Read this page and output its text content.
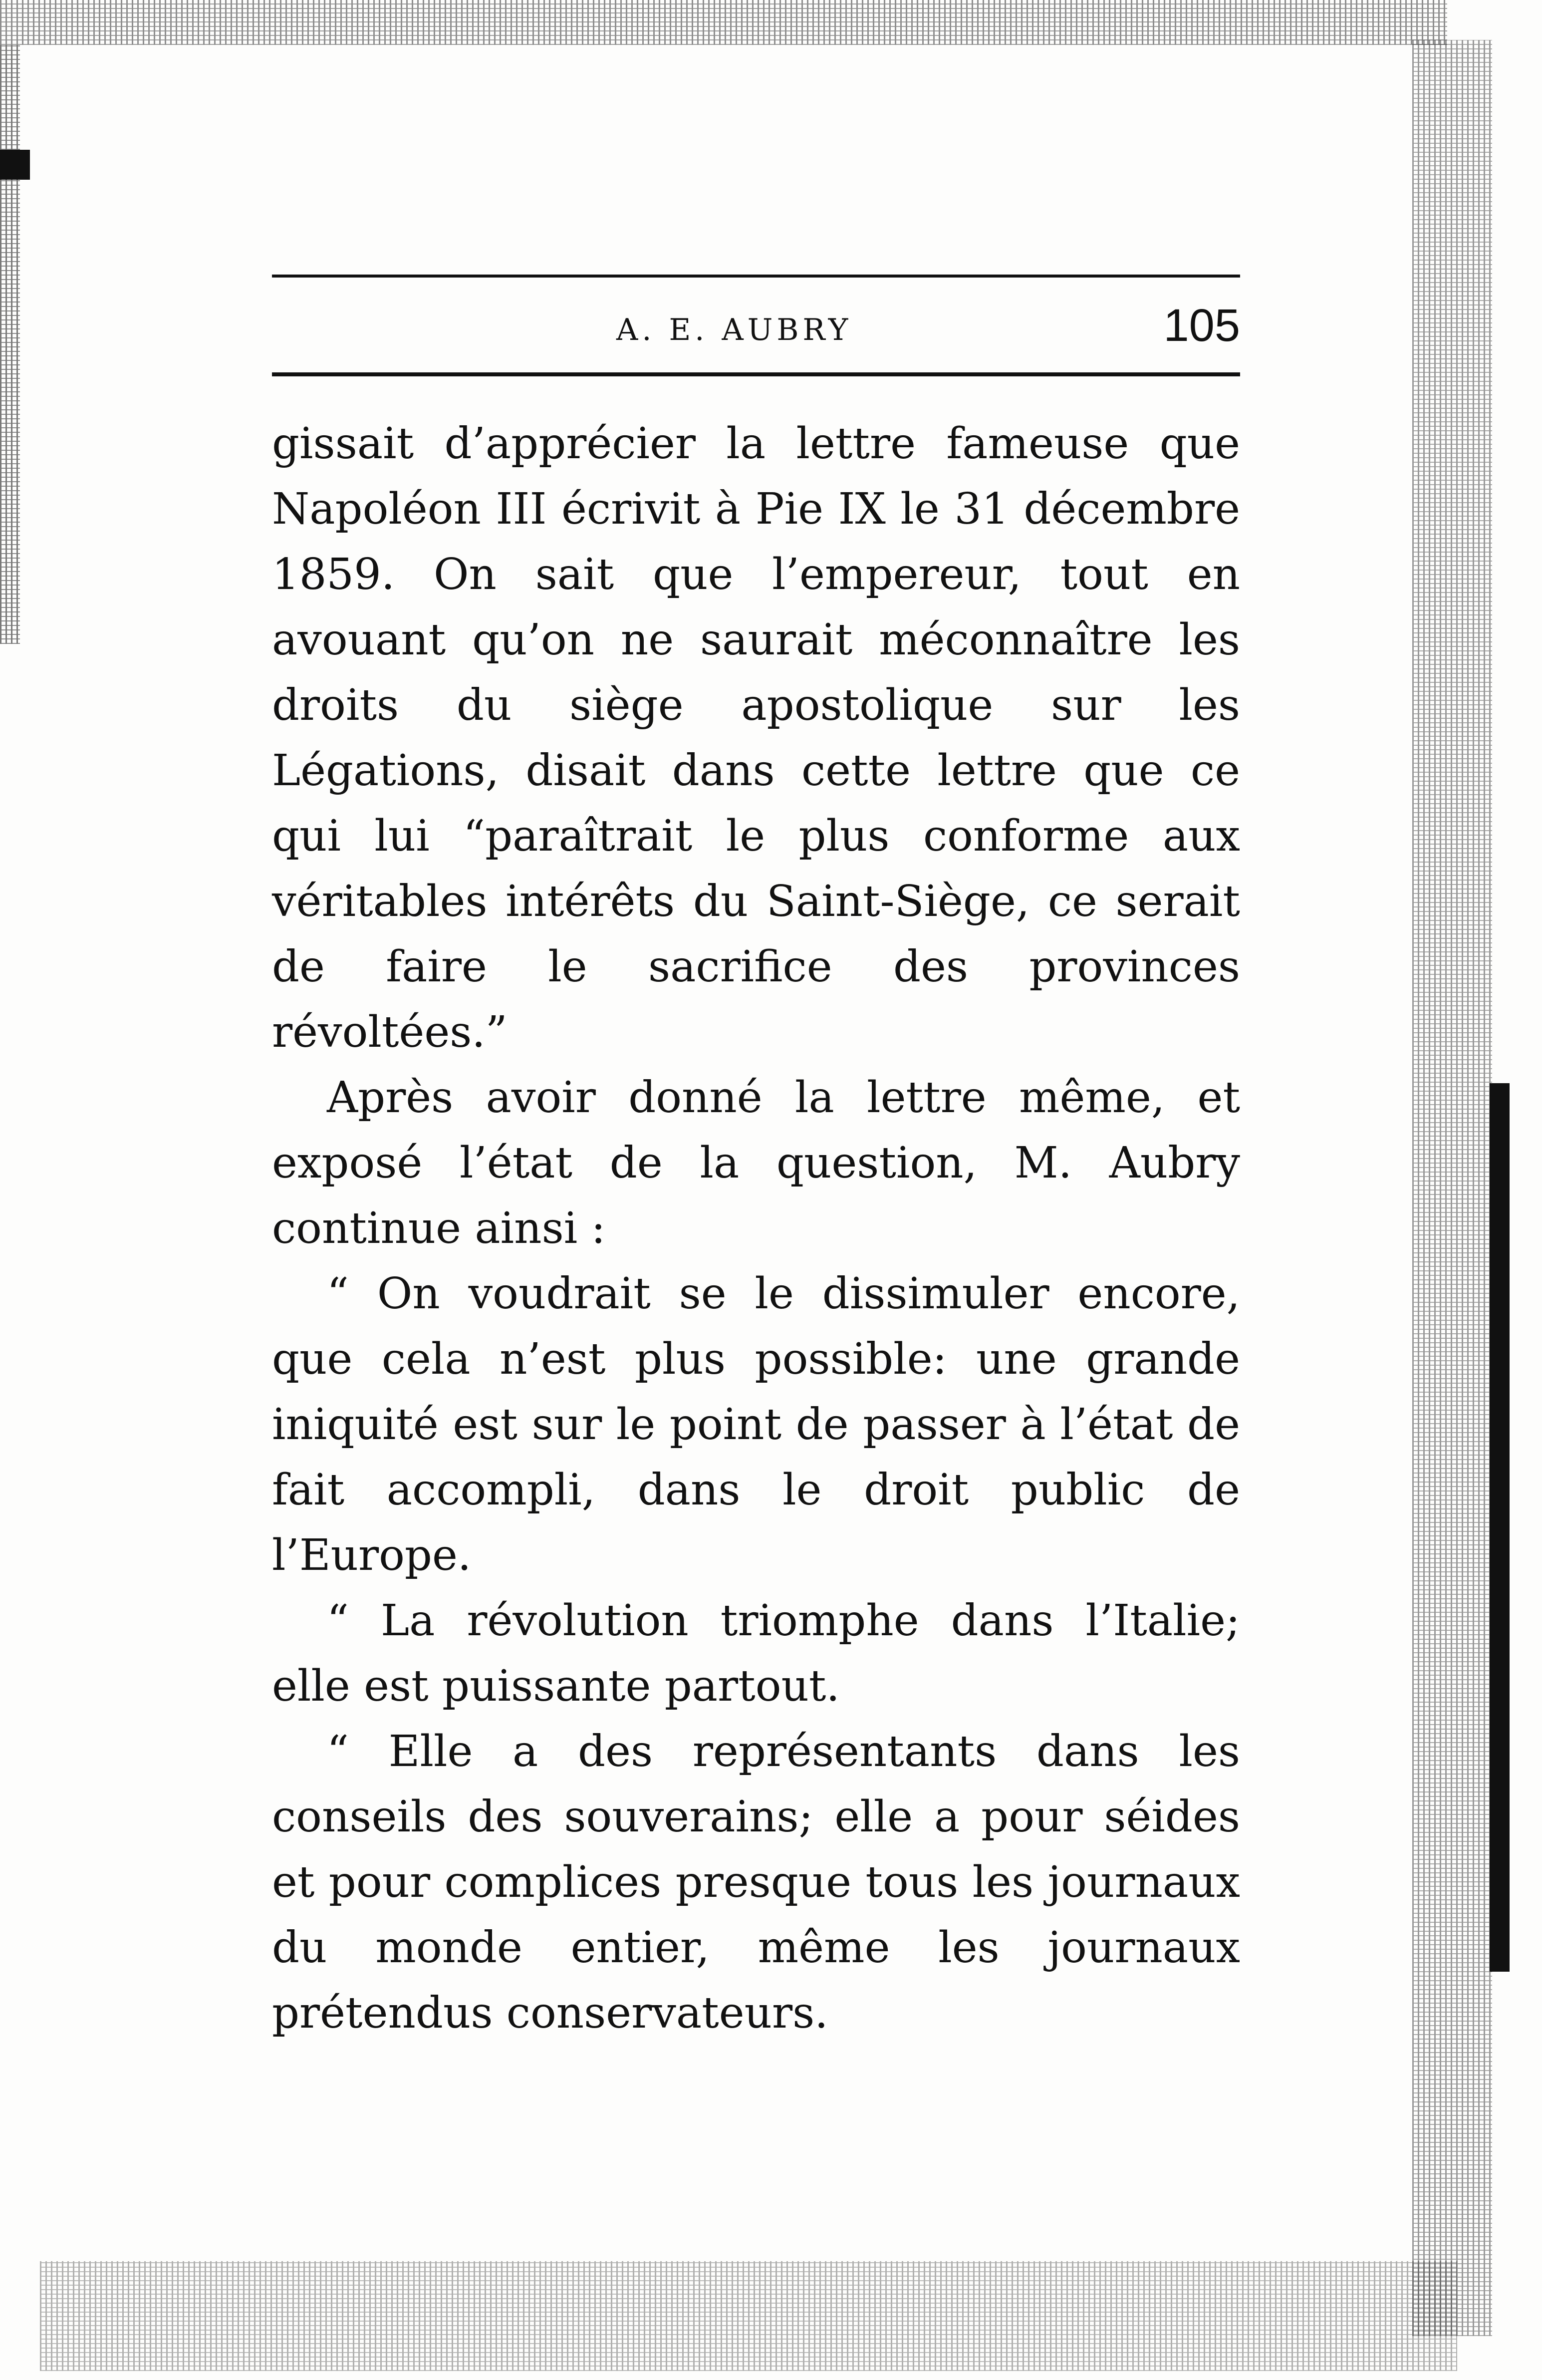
A. E. AUBRY	105

gissait d’apprécier la lettre fameuse que Napoléon III écrivit à Pie IX le 31 décembre 1859. On sait que l’empereur, tout en avouant qu’on ne saurait méconnaître les droits du siège apostolique sur les Légations, disait dans cette lettre que ce qui lui “paraîtrait le plus conforme aux véritables intérêts du Saint-Siège, ce serait de faire le sacrifice des provinces révoltées.”

Après avoir donné la lettre même, et exposé l’état de la question, M. Aubry continue ainsi :

“ On voudrait se le dissimuler encore, que cela n’est plus possible: une grande iniquité est sur le point de passer à l’état de fait accompli, dans le droit public de l’Europe.

“ La révolution triomphe dans l’Italie; elle est puissante partout.

“ Elle a des représentants dans les conseils des souverains; elle a pour séides et pour complices presque tous les journaux du monde entier, même les journaux prétendus conservateurs.
